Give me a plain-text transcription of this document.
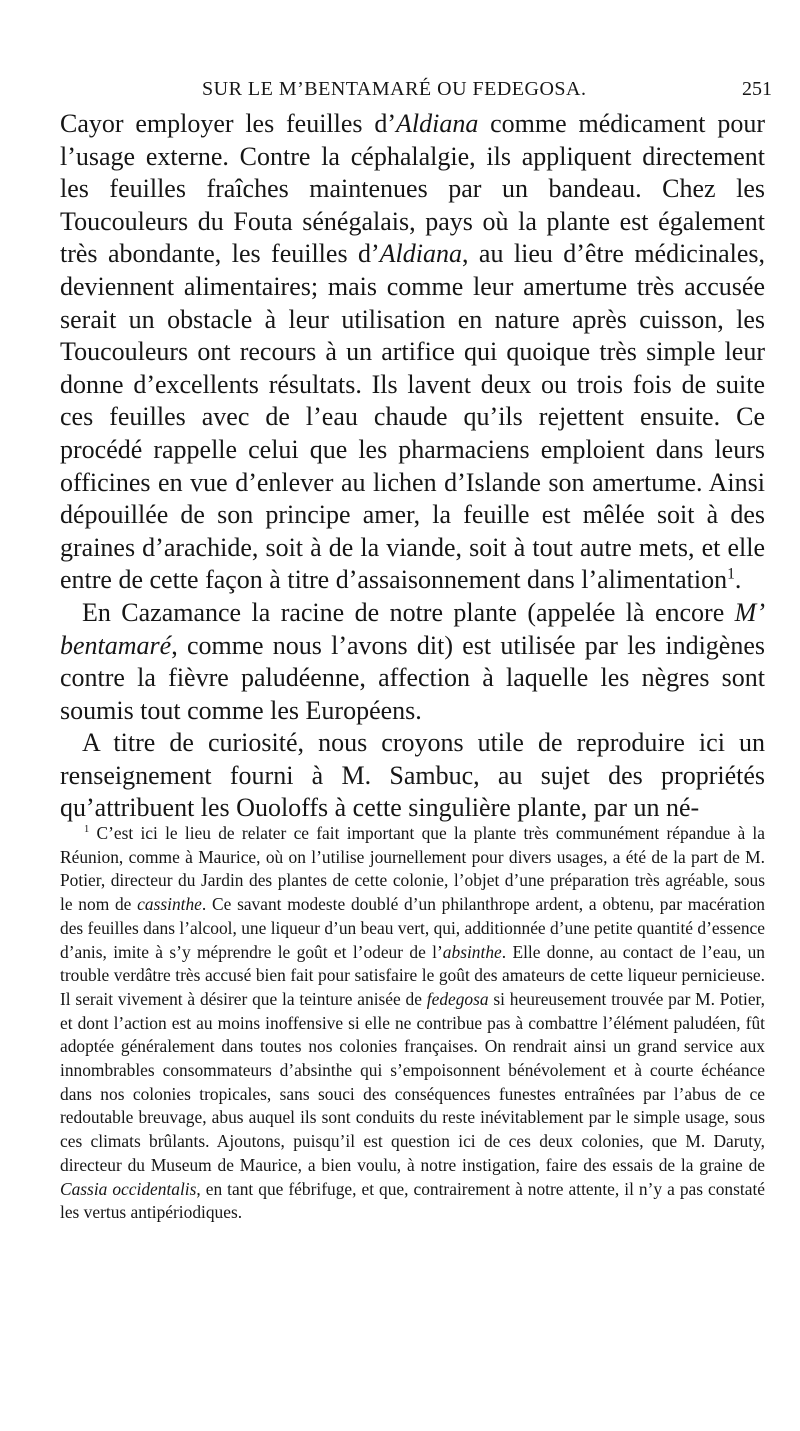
SUR LE M’BENTAMARÉ OU FEDEGOSA.	251

Cayor employer les feuilles d’Aldiana comme médicament pour l’usage externe. Contre la céphalalgie, ils appliquent directement les feuilles fraîches maintenues par un bandeau. Chez les Toucouleurs du Fouta sénégalais, pays où la plante est également très abondante, les feuilles d’Aldiana, au lieu d’être médicinales, deviennent alimentaires; mais comme leur amertume très accusée serait un obstacle à leur utilisation en nature après cuisson, les Toucouleurs ont recours à un artifice qui quoique très simple leur donne d’excellents résultats. Ils lavent deux ou trois fois de suite ces feuilles avec de l’eau chaude qu’ils rejettent ensuite. Ce procédé rappelle celui que les pharmaciens emploient dans leurs officines en vue d’enlever au lichen d’Islande son amertume. Ainsi dépouillée de son principe amer, la feuille est mêlée soit à des graines d’arachide, soit à de la viande, soit à tout autre mets, et elle entre de cette façon à titre d’assaisonnement dans l’alimentation$^1$.

En Cazamance la racine de notre plante (appelée là encore M’ bentamaré, comme nous l’avons dit) est utilisée par les indigènes contre la fièvre paludéenne, affection à laquelle les nègres sont soumis tout comme les Européens.

A titre de curiosité, nous croyons utile de reproduire ici un renseignement fourni à M. Sambuc, au sujet des propriétés qu’attribuent les Ouoloffs à cette singulière plante, par un né-

$^1$ C’est ici le lieu de relater ce fait important que la plante très communément répandue à la Réunion, comme à Maurice, où on l’utilise journellement pour divers usages, a été de la part de M. Potier, directeur du Jardin des plantes de cette colonie, l’objet d’une préparation très agréable, sous le nom de cassinthe. Ce savant modeste doublé d’un philanthrope ardent, a obtenu, par macération des feuilles dans l’alcool, une liqueur d’un beau vert, qui, additionnée d’une petite quantité d’essence d’anis, imite à s’y méprendre le goût et l’odeur de l’absinthe. Elle donne, au contact de l’eau, un trouble verdâtre très accusé bien fait pour satisfaire le goût des amateurs de cette liqueur pernicieuse. Il serait vivement à désirer que la teinture anisée de fedegosa si heureusement trouvée par M. Potier, et dont l’action est au moins inoffensive si elle ne contribue pas à combattre l’élément paludéen, fût adoptée généralement dans toutes nos colonies françaises. On rendrait ainsi un grand service aux innombrables consommateurs d’absinthe qui s’empoisonnent bénévolement et à courte échéance dans nos colonies tropicales, sans souci des conséquences funestes entraînées par l’abus de ce redoutable breuvage, abus auquel ils sont conduits du reste inévitablement par le simple usage, sous ces climats brûlants. Ajoutons, puisqu’il est question ici de ces deux colonies, que M. Daruty, directeur du Museum de Maurice, a bien voulu, à notre instigation, faire des essais de la graine de Cassia occidentalis, en tant que fébrifuge, et que, contrairement à notre attente, il n’y a pas constaté les vertus antipériodiques.
